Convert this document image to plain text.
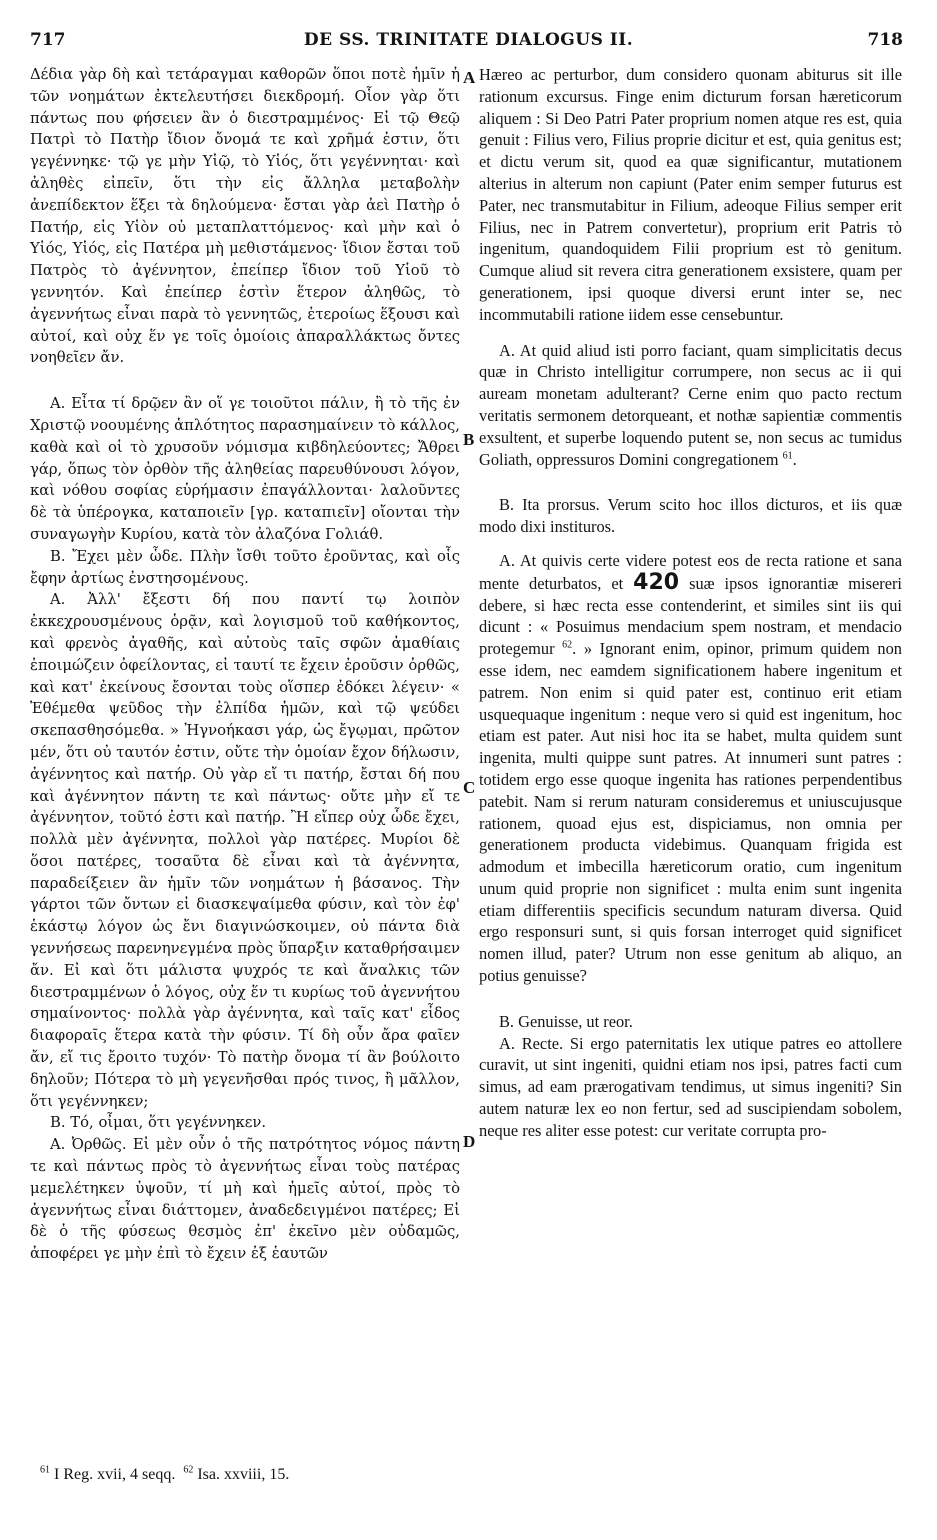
DE SS. TRINITATE DIALOGUS II.
717	718
A
B
C
D

Δέδια γὰρ δὴ καὶ τετάραγμαι καθορῶν ὅποι ποτὲ ἡμῖν ἡ τῶν νοημάτων ἐκτελευτήσει διεκδρομή. Οἷον γὰρ ὅτι πάντως που φήσειεν ἂν ὁ διεστραμμένος· Εἰ τῷ Θεῷ Πατρὶ τὸ Πατὴρ ἴδιον ὄνομά τε καὶ χρῆμά ἐστιν, ὅτι γεγέννηκε· τῷ γε μὴν Υἱῷ, τὸ Υἱός, ὅτι γεγέννηται· καὶ ἀληθὲς εἰπεῖν, ὅτι τὴν εἰς ἄλληλα μεταβολὴν ἀνεπίδεκτον ἕξει τὰ δηλούμενα· ἔσται γὰρ ἀεὶ Πατὴρ ὁ Πατήρ, εἰς Υἱὸν οὐ μεταπλαττόμενος· καὶ μὴν καὶ ὁ Υἱός, Υἱός, εἰς Πατέρα μὴ μεθιστάμενος· ἴδιον ἔσται τοῦ Πατρὸς τὸ ἀγέννητον, ἐπείπερ ἴδιον τοῦ Υἱοῦ τὸ γεννητόν. Καὶ ἐπείπερ ἐστὶν ἕτερον ἀληθῶς, τὸ ἀγεννήτως εἶναι παρὰ τὸ γεννητῶς, ἑτεροίως ἕξουσι καὶ αὐτοί, καὶ οὐχ ἕν γε τοῖς ὁμοίοις ἀπαραλλάκτως ὄντες νοηθεῖεν ἄν.

Α. Εἶτα τί δρῷεν ἂν οἵ γε τοιοῦτοι πάλιν, ἢ τὸ τῆς ἐν Χριστῷ νοουμένης ἁπλότητος παρασημαίνειν τὸ κάλλος, καθὰ καὶ οἱ τὸ χρυσοῦν νόμισμα κιβδηλεύοντες; Ἄθρει γάρ, ὅπως τὸν ὀρθὸν τῆς ἀληθείας παρευθύνουσι λόγον, καὶ νόθου σοφίας εὑρήμασιν ἐπαγάλλονται· λαλοῦντες δὲ τὰ ὑπέρογκα, καταποιεῖν [γρ. καταπιεῖν] οἴονται τὴν συναγωγὴν Κυρίου, κατὰ τὸν ἀλαζόνα Γολιάθ.

Β. Ἔχει μὲν ὧδε. Πλὴν ἴσθι τοῦτο ἐροῦντας, καὶ οἷς ἔφην ἀρτίως ἐνστησομένους.

Α. Ἀλλ' ἔξεστι δή που παντί τῳ λοιπὸν ἐκκεχρουσμένους ὁρᾷν, καὶ λογισμοῦ τοῦ καθήκοντος, καὶ φρενὸς ἀγαθῆς, καὶ αὐτοὺς ταῖς σφῶν ἀμαθίαις ἐποιμώζειν ὀφείλοντας, εἰ ταυτί τε ἔχειν ἐροῦσιν ὀρθῶς, καὶ κατ' ἐκείνους ἔσονται τοὺς οἵσπερ ἐδόκει λέγειν· « Ἐθέμεθα ψεῦδος τὴν ἐλπίδα ἡμῶν, καὶ τῷ ψεύδει σκεπασθησόμεθα. » Ἠγνοήκασι γάρ, ὡς ἔγῳμαι, πρῶτον μέν, ὅτι οὐ ταυτόν ἐστιν, οὔτε τὴν ὁμοίαν ἔχον δήλωσιν, ἀγέννητος καὶ πατήρ. Οὐ γὰρ εἴ τι πατήρ, ἔσται δή που καὶ ἀγέννητον πάντη τε καὶ πάντως· οὔτε μὴν εἴ τε ἀγέννητον, τοῦτό ἐστι καὶ πατήρ. Ἢ εἴπερ οὐχ ὧδε ἔχει, πολλὰ μὲν ἀγέννητα, πολλοὶ γὰρ πατέρες. Μυρίοι δὲ ὅσοι πατέρες, τοσαῦτα δὲ εἶναι καὶ τὰ ἀγέννητα, παραδείξειεν ἂν ἡμῖν τῶν νοημάτων ἡ βάσανος. Τὴν γάρτοι τῶν ὄντων εἰ διασκεψαίμεθα φύσιν, καὶ τὸν ἐφ' ἑκάστῳ λόγον ὡς ἔνι διαγινώσκοιμεν, οὐ πάντα διὰ γεννήσεως παρενηνεγμένα πρὸς ὕπαρξιν καταθρήσαιμεν ἄν. Εἰ καὶ ὅτι μάλιστα ψυχρός τε καὶ ἄναλκις τῶν διεστραμμένων ὁ λόγος, οὐχ ἕν τι κυρίως τοῦ ἀγεννήτου σημαίνοντος· πολλὰ γὰρ ἀγέννητα, καὶ ταῖς κατ' εἶδος διαφοραῖς ἕτερα κατὰ τὴν φύσιν. Τί δὴ οὖν ἄρα φαῖεν ἄν, εἴ τις ἔροιτο τυχόν· Τὸ πατὴρ ὄνομα τί ἂν βούλοιτο δηλοῦν; Πότερα τὸ μὴ γεγενῆσθαι πρός τινος, ἢ μᾶλλον, ὅτι γεγέννηκεν;

Β. Τό, οἶμαι, ὅτι γεγέννηκεν.

Α. Ὀρθῶς. Εἰ μὲν οὖν ὁ τῆς πατρότητος νόμος πάντη τε καὶ πάντως πρὸς τὸ ἀγεννήτως εἶναι τοὺς πατέρας μεμελέτηκεν ὑψοῦν, τί μὴ καὶ ἡμεῖς αὐτοί, πρὸς τὸ ἀγεννήτως εἶναι διάττομεν, ἀναδεδειγμένοι πατέρες; Εἰ δὲ ὁ τῆς φύσεως θεσμὸς ἐπ' ἐκεῖνο μὲν οὐδαμῶς, ἀποφέρει γε μὴν ἐπὶ τὸ ἔχειν ἐξ ἑαυτῶν

Hæreo ac perturbor, dum considero quonam abiturus sit ille rationum excursus. Finge enim dicturum forsan hæreticorum aliquem : Si Deo Patri Pater proprium nomen atque res est, quia genuit : Filius vero, Filius proprie dicitur et est, quia genitus est; et dictu verum sit, quod ea quæ significantur, mutationem alterius in alterum non capiunt (Pater enim semper futurus est Pater, nec transmutabitur in Filium, adeoque Filius semper erit Filius, nec in Patrem convertetur), proprium erit Patris τὸ ingenitum, quandoquidem Filii proprium est τὸ genitum. Cumque aliud sit revera citra generationem exsistere, quam per generationem, ipsi quoque diversi erunt inter se, nec incommutabili ratione iidem esse censebuntur.

A. At quid aliud isti porro faciant, quam simplicitatis decus quæ in Christo intelligitur corrumpere, non secus ac ii qui auream monetam adulterant? Cerne enim quo pacto rectum veritatis sermonem detorqueant, et nothæ sapientiæ commentis exsultent, et superbe loquendo putent se, non secus ac tumidus Goliath, oppressuros Domini congregationem $^{61}$.

B. Ita prorsus. Verum scito hoc illos dicturos, et iis quæ modo dixi instituros.

A. At quivis certe videre potest eos de recta ratione et sana mente deturbatos, et 420 suæ ipsos ignorantiæ misereri debere, si hæc recta esse contenderint, et similes sint iis qui dicunt : « Posuimus mendacium spem nostram, et mendacio protegemur $^{62}$. » Ignorant enim, opinor, primum quidem non esse idem, nec eamdem significationem habere ingenitum et patrem. Non enim si quid pater est, continuo erit etiam usquequaque ingenitum : neque vero si quid est ingenitum, hoc etiam est pater. Aut nisi hoc ita se habet, multa quidem sunt ingenita, multi quippe sunt patres. At innumeri sunt patres : totidem ergo esse quoque ingenita has rationes perpendentibus patebit. Nam si rerum naturam consideremus et uniuscujusque rationem, quoad ejus est, dispiciamus, non omnia per generationem producta videbimus. Quanquam frigida est admodum et imbecilla hæreticorum oratio, cum ingenitum unum quid proprie non significet : multa enim sunt ingenita etiam differentiis specificis secundum naturam diversa. Quid ergo responsuri sunt, si quis forsan interroget quid significet nomen illud, pater? Utrum non esse genitum ab aliquo, an potius genuisse?

B. Genuisse, ut reor.

A. Recte. Si ergo paternitatis lex utique patres eo attollere curavit, ut sint ingeniti, quidni etiam nos ipsi, patres facti cum simus, ad eam prærogativam tendimus, ut simus ingeniti? Sin autem naturæ lex eo non fertur, sed ad suscipiendam sobolem, neque res aliter esse potest: cur veritate corrupta pro-

$^{61}$ I Reg. xvii, 4 seqq. $^{62}$ Isa. xxviii, 15.
